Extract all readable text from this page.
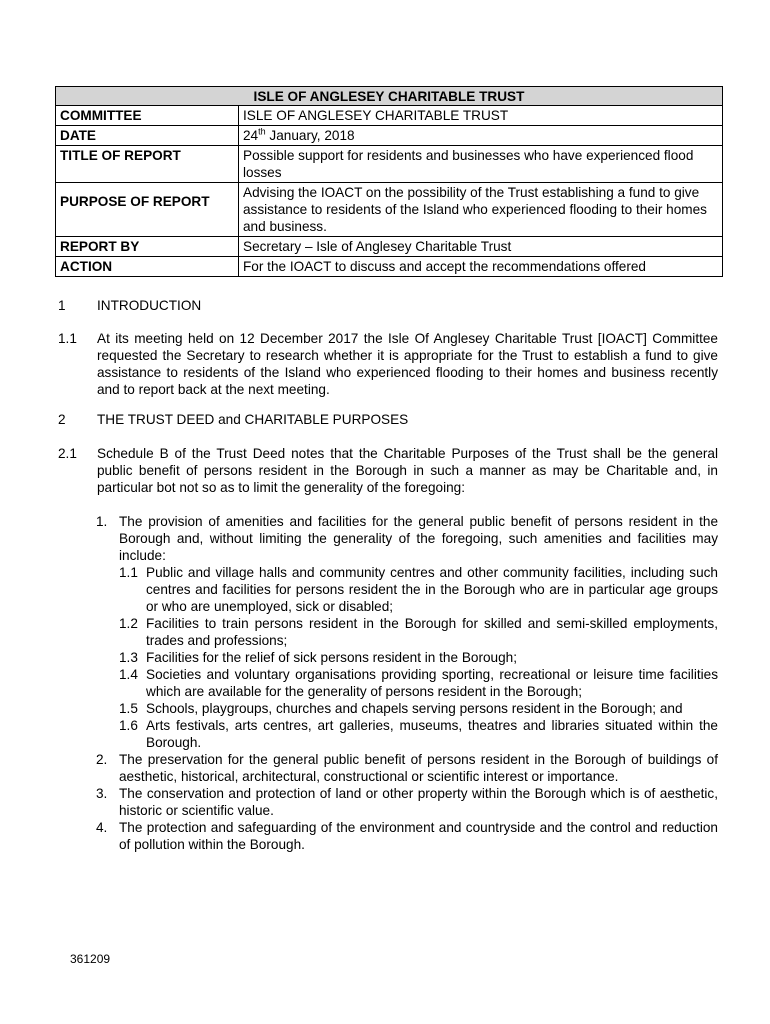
ISLE OF ANGLESEY CHARITABLE TRUST	
COMMITTEE	ISLE OF ANGLESEY CHARITABLE TRUST
DATE	24th January, 2018
TITLE OF REPORT	Possible support for residents and businesses who have experienced flood losses
PURPOSE OF REPORT	Advising the IOACT on the possibility of the Trust establishing a fund to give assistance to residents of the Island who experienced flooding to their homes and business.
REPORT BY	Secretary – Isle of Anglesey Charitable Trust
ACTION	For the IOACT to discuss and accept the recommendations offered
1 INTRODUCTION
1.1 At its meeting held on 12 December 2017 the Isle Of Anglesey Charitable Trust [IOACT] Committee requested the Secretary to research whether it is appropriate for the Trust to establish a fund to give assistance to residents of the Island who experienced flooding to their homes and business recently and to report back at the next meeting.
2 THE TRUST DEED and CHARITABLE PURPOSES
2.1 Schedule B of the Trust Deed notes that the Charitable Purposes of the Trust shall be the general public benefit of persons resident in the Borough in such a manner as may be Charitable and, in particular bot not so as to limit the generality of the foregoing:
1. The provision of amenities and facilities for the general public benefit of persons resident in the Borough and, without limiting the generality of the foregoing, such amenities and facilities may include:
1.1 Public and village halls and community centres and other community facilities, including such centres and facilities for persons resident the in the Borough who are in particular age groups or who are unemployed, sick or disabled;
1.2 Facilities to train persons resident in the Borough for skilled and semi-skilled employments, trades and professions;
1.3 Facilities for the relief of sick persons resident in the Borough;
1.4 Societies and voluntary organisations providing sporting, recreational or leisure time facilities which are available for the generality of persons resident in the Borough;
1.5 Schools, playgroups, churches and chapels serving persons resident in the Borough; and
1.6 Arts festivals, arts centres, art galleries, museums, theatres and libraries situated within the Borough.
2. The preservation for the general public benefit of persons resident in the Borough of buildings of aesthetic, historical, architectural, constructional or scientific interest or importance.
3. The conservation and protection of land or other property within the Borough which is of aesthetic, historic or scientific value.
4. The protection and safeguarding of the environment and countryside and the control and reduction of pollution within the Borough.
361209
